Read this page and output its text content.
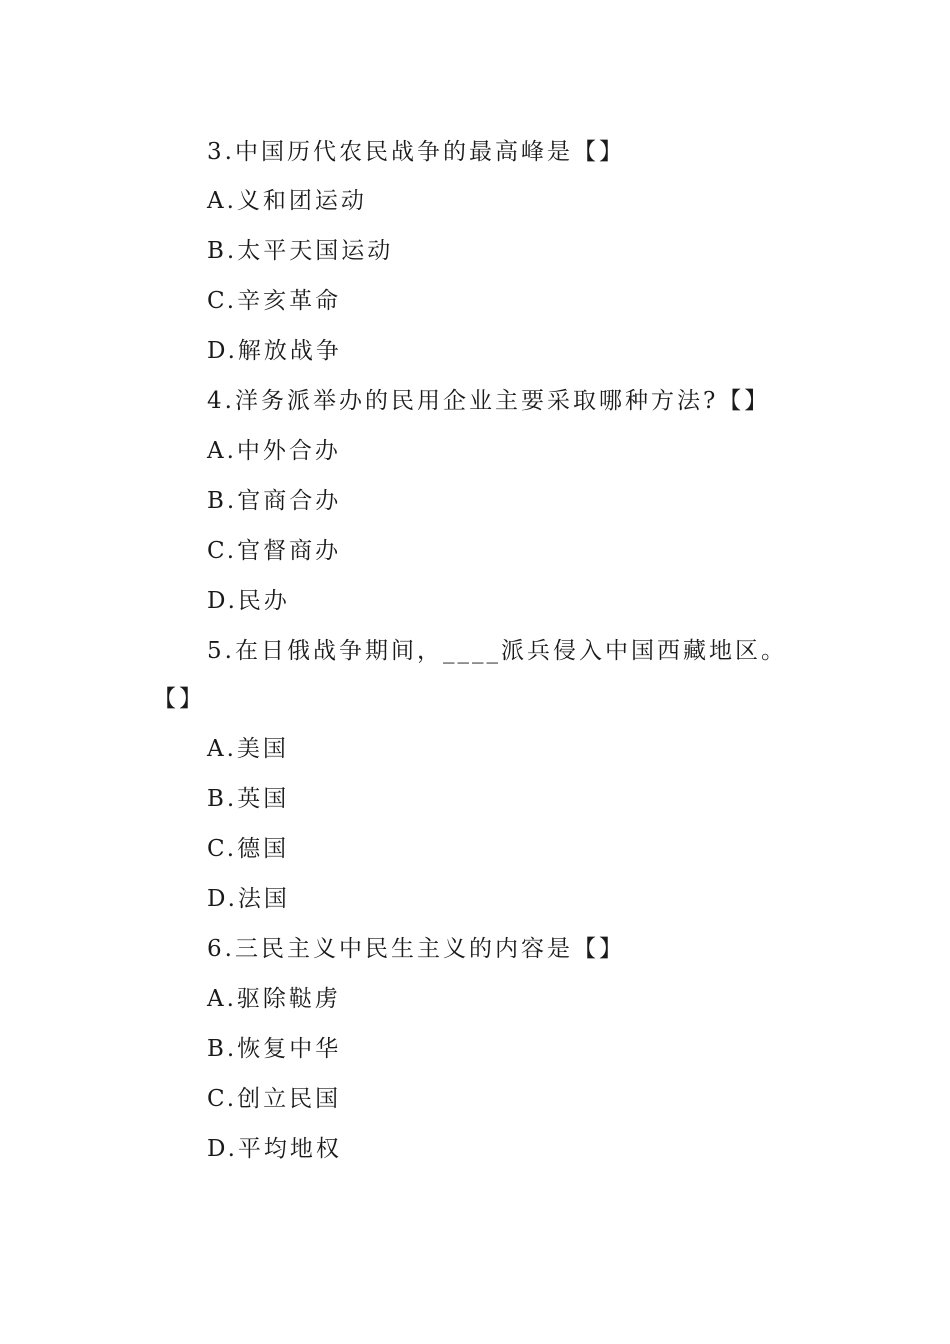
3.中国历代农民战争的最高峰是【】
A.义和团运动
B.太平天国运动
C.辛亥革命
D.解放战争
4.洋务派举办的民用企业主要采取哪种方法?【】
A.中外合办
B.官商合办
C.官督商办
D.民办
5.在日俄战争期间，____派兵侵入中国西藏地区。
【】
A.美国
B.英国
C.德国
D.法国
6.三民主义中民生主义的内容是【】
A.驱除鞑虏
B.恢复中华
C.创立民国
D.平均地权
